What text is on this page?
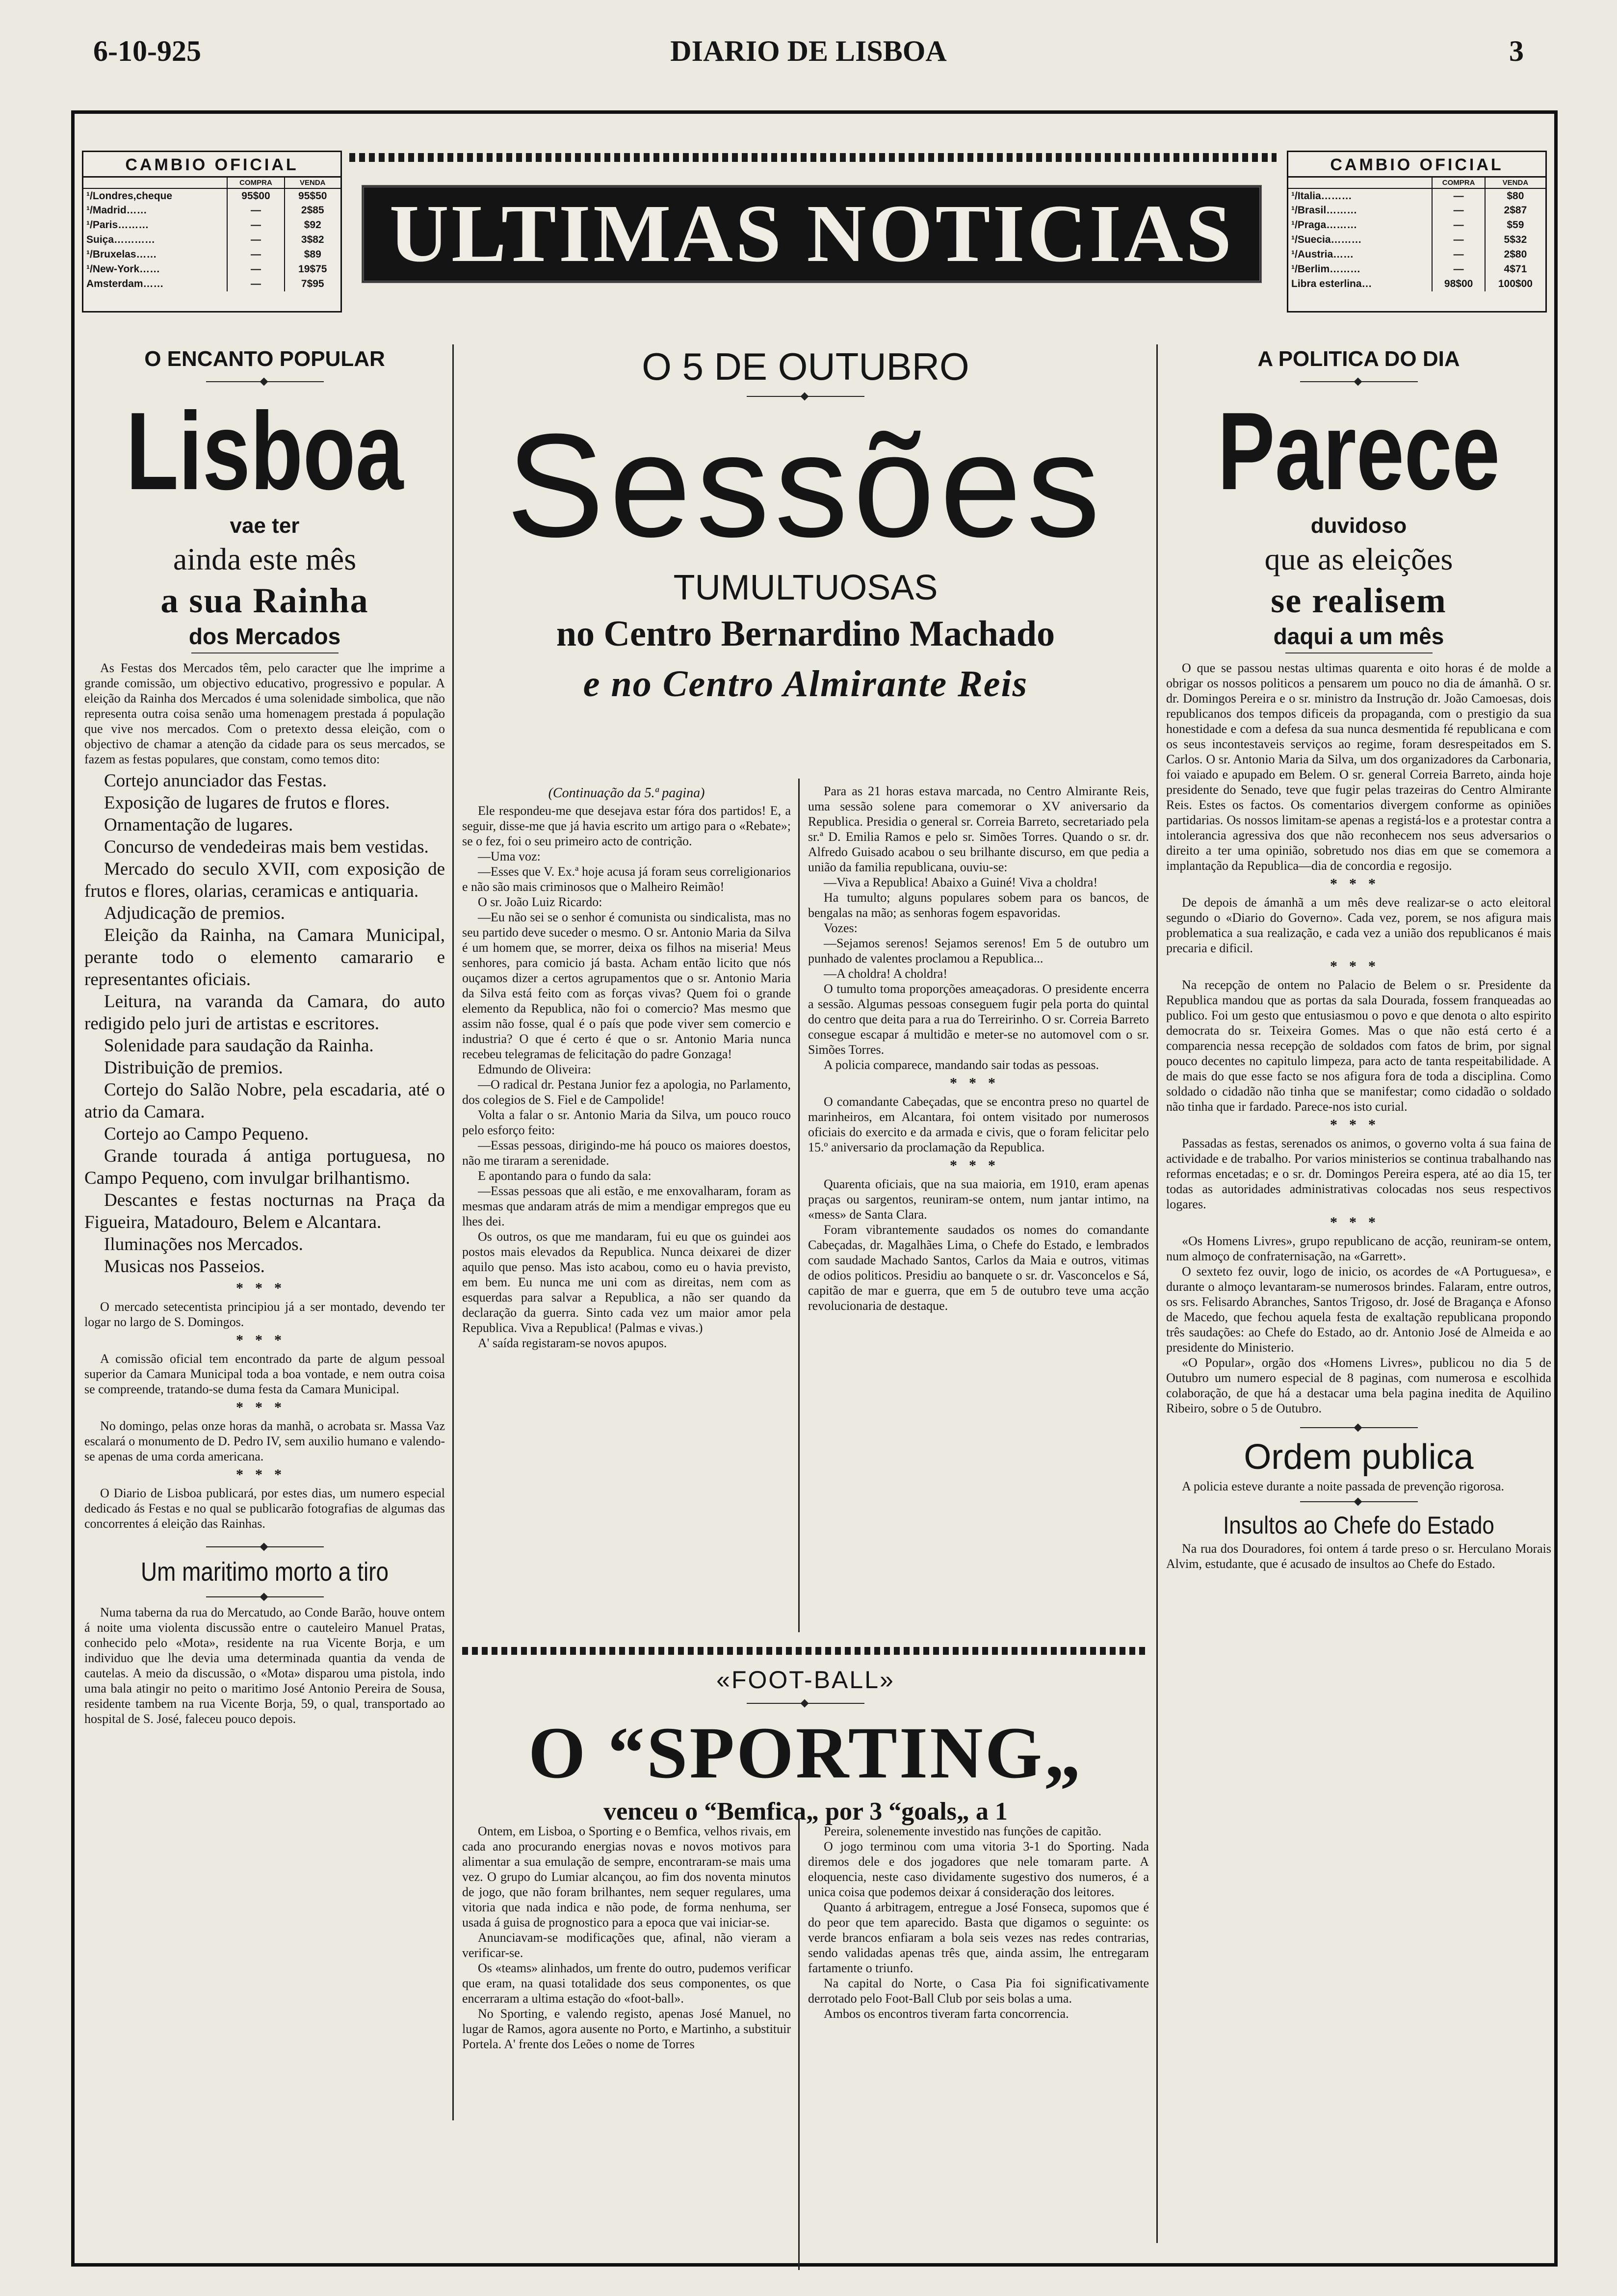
6-10-925	DIARIO DE LISBOA	3
CAMBIO OFICIAL
	COMPRA	VENDA
¹/Londres,cheque	95$00	95$50
¹/Madrid……	—	2$85
¹/Paris………	—	$92
Suiça…………	—	3$82
¹/Bruxelas……	—	$89
¹/New-York……	—	19$75
Amsterdam……	—	7$95
ULTIMAS NOTICIAS
CAMBIO OFICIAL
	COMPRA	VENDA
¹/Italia………	—	$80
¹/Brasil………	—	2$87
¹/Praga………	—	$59
¹/Suecia………	—	5$32
¹/Austria……	—	2$80
¹/Berlim………	—	4$71
Libra esterlina…	98$00	100$00
O ENCANTO POPULAR
Lisboa
vae ter
ainda este mês
a sua Rainha
dos Mercados
As Festas dos Mercados têm, pelo caracter que lhe imprime a grande comissão, um objectivo educativo, progressivo e popular. A eleição da Rainha dos Mercados é uma solenidade simbolica, que não representa outra coisa senão uma homenagem prestada á população que vive nos mercados. Com o pretexto dessa eleição, com o objectivo de chamar a atenção da cidade para os seus mercados, se fazem as festas populares, que constam, como temos dito:
Cortejo anunciador das Festas.
Exposição de lugares de frutos e flores.
Ornamentação de lugares.
Concurso de vendedeiras mais bem vestidas.
Mercado do seculo XVII, com exposição de frutos e flores, olarias, ceramicas e antiquaria.
Adjudicação de premios.
Eleição da Rainha, na Camara Municipal, perante todo o elemento camarario e representantes oficiais.
Leitura, na varanda da Camara, do auto redigido pelo juri de artistas e escritores.
Solenidade para saudação da Rainha.
Distribuição de premios.
Cortejo do Salão Nobre, pela escadaria, até o atrio da Camara.
Cortejo ao Campo Pequeno.
Grande tourada á antiga portuguesa, no Campo Pequeno, com invulgar brilhantismo.
Descantes e festas nocturnas na Praça da Figueira, Matadouro, Belem e Alcantara.
Iluminações nos Mercados.
Musicas nos Passeios.
***
O mercado setecentista principiou já a ser montado, devendo ter logar no largo de S. Domingos.
***
A comissão oficial tem encontrado da parte de algum pessoal superior da Camara Municipal toda a boa vontade, e nem outra coisa se compreende, tratando-se duma festa da Camara Municipal.
***
No domingo, pelas onze horas da manhã, o acrobata sr. Massa Vaz escalará o monumento de D. Pedro IV, sem auxilio humano e valendo-se apenas de uma corda americana.
***
O Diario de Lisboa publicará, por estes dias, um numero especial dedicado ás Festas e no qual se publicarão fotografias de algumas das concorrentes á eleição das Rainhas.
Um maritimo morto a tiro
Numa taberna da rua do Mercatudo, ao Conde Barão, houve ontem á noite uma violenta discussão entre o cauteleiro Manuel Pratas, conhecido pelo «Mota», residente na rua Vicente Borja, e um individuo que lhe devia uma determinada quantia da venda de cautelas. A meio da discussão, o «Mota» disparou uma pistola, indo uma bala atingir no peito o maritimo José Antonio Pereira de Sousa, residente tambem na rua Vicente Borja, 59, o qual, transportado ao hospital de S. José, faleceu pouco depois.
O 5 DE OUTUBRO
Sessões
TUMULTUOSAS
no Centro Bernardino Machado
e no Centro Almirante Reis
(Continuação da 5.ª pagina)
Ele respondeu-me que desejava estar fóra dos partidos! E, a seguir, disse-me que já havia escrito um artigo para o «Rebate»; se o fez, foi o seu primeiro acto de contrição.
—Uma voz:
—Esses que V. Ex.ª hoje acusa já foram seus correligionarios e não são mais criminosos que o Malheiro Reimão!
O sr. João Luiz Ricardo:
—Eu não sei se o senhor é comunista ou sindicalista, mas no seu partido deve suceder o mesmo. O sr. Antonio Maria da Silva é um homem que, se morrer, deixa os filhos na miseria! Meus senhores, para comicio já basta. Acham então licito que nós ouçamos dizer a certos agrupamentos que o sr. Antonio Maria da Silva está feito com as forças vivas? Quem foi o grande elemento da Republica, não foi o comercio? Mas mesmo que assim não fosse, qual é o país que pode viver sem comercio e industria? O que é certo é que o sr. Antonio Maria nunca recebeu telegramas de felicitação do padre Gonzaga!
Edmundo de Oliveira:
—O radical dr. Pestana Junior fez a apologia, no Parlamento, dos colegios de S. Fiel e de Campolide!
Volta a falar o sr. Antonio Maria da Silva, um pouco rouco pelo esforço feito:
—Essas pessoas, dirigindo-me há pouco os maiores doestos, não me tiraram a serenidade.
E apontando para o fundo da sala:
—Essas pessoas que ali estão, e me enxovalharam, foram as mesmas que andaram atrás de mim a mendigar empregos que eu lhes dei.
Os outros, os que me mandaram, fui eu que os guindei aos postos mais elevados da Republica. Nunca deixarei de dizer aquilo que penso. Mas isto acabou, como eu o havia previsto, em bem. Eu nunca me uni com as direitas, nem com as esquerdas para salvar a Republica, a não ser quando da declaração da guerra. Sinto cada vez um maior amor pela Republica. Viva a Republica! (Palmas e vivas.)
A' saída registaram-se novos apupos.
Para as 21 horas estava marcada, no Centro Almirante Reis, uma sessão solene para comemorar o XV aniversario da Republica. Presidia o general sr. Correia Barreto, secretariado pela sr.ª D. Emilia Ramos e pelo sr. Simões Torres. Quando o sr. dr. Alfredo Guisado acabou o seu brilhante discurso, em que pedia a união da familia republicana, ouviu-se:
—Viva a Republica! Abaixo a Guiné! Viva a choldra!
Ha tumulto; alguns populares sobem para os bancos, de bengalas na mão; as senhoras fogem espavoridas.
Vozes:
—Sejamos serenos! Sejamos serenos! Em 5 de outubro um punhado de valentes proclamou a Republica...
—A choldra! A choldra!
O tumulto toma proporções ameaçadoras. O presidente encerra a sessão. Algumas pessoas conseguem fugir pela porta do quintal do centro que deita para a rua do Terreirinho. O sr. Correia Barreto consegue escapar á multidão e meter-se no automovel com o sr. Simões Torres.
A policia comparece, mandando sair todas as pessoas.
***
O comandante Cabeçadas, que se encontra preso no quartel de marinheiros, em Alcantara, foi ontem visitado por numerosos oficiais do exercito e da armada e civis, que o foram felicitar pelo 15.º aniversario da proclamação da Republica.
***
Quarenta oficiais, que na sua maioria, em 1910, eram apenas praças ou sargentos, reuniram-se ontem, num jantar intimo, na «mess» de Santa Clara.
Foram vibrantemente saudados os nomes do comandante Cabeçadas, dr. Magalhães Lima, o Chefe do Estado, e lembrados com saudade Machado Santos, Carlos da Maia e outros, vitimas de odios politicos. Presidiu ao banquete o sr. dr. Vasconcelos e Sá, capitão de mar e guerra, que em 5 de outubro teve uma acção revolucionaria de destaque.
«FOOT-BALL»
O “SPORTING„
venceu o “Bemfica„ por 3 “goals„ a 1
Ontem, em Lisboa, o Sporting e o Bemfica, velhos rivais, em cada ano procurando energias novas e novos motivos para alimentar a sua emulação de sempre, encontraram-se mais uma vez. O grupo do Lumiar alcançou, ao fim dos noventa minutos de jogo, que não foram brilhantes, nem sequer regulares, uma vitoria que nada indica e não pode, de forma nenhuma, ser usada á guisa de prognostico para a epoca que vai iniciar-se.
Anunciavam-se modificações que, afinal, não vieram a verificar-se.
Os «teams» alinhados, um frente do outro, pudemos verificar que eram, na quasi totalidade dos seus componentes, os que encerraram a ultima estação do «foot-ball».
No Sporting, e valendo registo, apenas José Manuel, no lugar de Ramos, agora ausente no Porto, e Martinho, a substituir Portela. A' frente dos Leões o nome de Torres
Pereira, solenemente investido nas funções de capitão.
O jogo terminou com uma vitoria 3-1 do Sporting. Nada diremos dele e dos jogadores que nele tomaram parte. A eloquencia, neste caso dividamente sugestivo dos numeros, é a unica coisa que podemos deixar á consideração dos leitores.
Quanto á arbitragem, entregue a José Fonseca, supomos que é do peor que tem aparecido. Basta que digamos o seguinte: os verde brancos enfiaram a bola seis vezes nas redes contrarias, sendo validadas apenas três que, ainda assim, lhe entregaram fartamente o triunfo.
Na capital do Norte, o Casa Pia foi significativamente derrotado pelo Foot-Ball Club por seis bolas a uma.
Ambos os encontros tiveram farta concorrencia.
A POLITICA DO DIA
Parece
duvidoso
que as eleições
se realisem
daqui a um mês
O que se passou nestas ultimas quarenta e oito horas é de molde a obrigar os nossos politicos a pensarem um pouco no dia de ámanhã. O sr. dr. Domingos Pereira e o sr. ministro da Instrução dr. João Camoesas, dois republicanos dos tempos dificeis da propaganda, com o prestigio da sua honestidade e com a defesa da sua nunca desmentida fé republicana e com os seus incontestaveis serviços ao regime, foram desrespeitados em S. Carlos. O sr. Antonio Maria da Silva, um dos organizadores da Carbonaria, foi vaiado e apupado em Belem. O sr. general Correia Barreto, ainda hoje presidente do Senado, teve que fugir pelas trazeiras do Centro Almirante Reis. Estes os factos. Os comentarios divergem conforme as opiniões partidarias. Os nossos limitam-se apenas a registá-los e a protestar contra a intolerancia agressiva dos que não reconhecem nos seus adversarios o direito a ter uma opinião, sobretudo nos dias em que se comemora a implantação da Republica—dia de concordia e regosijo.
***
De depois de ámanhã a um mês deve realizar-se o acto eleitoral segundo o «Diario do Governo». Cada vez, porem, se nos afigura mais problematica a sua realização, e cada vez a união dos republicanos é mais precaria e dificil.
***
Na recepção de ontem no Palacio de Belem o sr. Presidente da Republica mandou que as portas da sala Dourada, fossem franqueadas ao publico. Foi um gesto que entusiasmou o povo e que denota o alto espirito democrata do sr. Teixeira Gomes. Mas o que não está certo é a comparencia nessa recepção de soldados com fatos de brim, por signal pouco decentes no capitulo limpeza, para acto de tanta respeitabilidade. A de mais do que esse facto se nos afigura fora de toda a disciplina. Como soldado o cidadão não tinha que se manifestar; como cidadão o soldado não tinha que ir fardado. Parece-nos isto curial.
***
Passadas as festas, serenados os animos, o governo volta á sua faina de actividade e de trabalho. Por varios ministerios se continua trabalhando nas reformas encetadas; e o sr. dr. Domingos Pereira espera, até ao dia 15, ter todas as autoridades administrativas colocadas nos seus respectivos logares.
***
«Os Homens Livres», grupo republicano de acção, reuniram-se ontem, num almoço de confraternisação, na «Garrett».
O sexteto fez ouvir, logo de inicio, os acordes de «A Portuguesa», e durante o almoço levantaram-se numerosos brindes. Falaram, entre outros, os srs. Felisardo Abranches, Santos Trigoso, dr. José de Bragança e Afonso de Macedo, que fechou aquela festa de exaltação republicana propondo três saudações: ao Chefe do Estado, ao dr. Antonio José de Almeida e ao presidente do Ministerio.
«O Popular», orgão dos «Homens Livres», publicou no dia 5 de Outubro um numero especial de 8 paginas, com numerosa e escolhida colaboração, de que há a destacar uma bela pagina inedita de Aquilino Ribeiro, sobre o 5 de Outubro.
Ordem publica
A policia esteve durante a noite passada de prevenção rigorosa.
Insultos ao Chefe do Estado
Na rua dos Douradores, foi ontem á tarde preso o sr. Herculano Morais Alvim, estudante, que é acusado de insultos ao Chefe do Estado.
